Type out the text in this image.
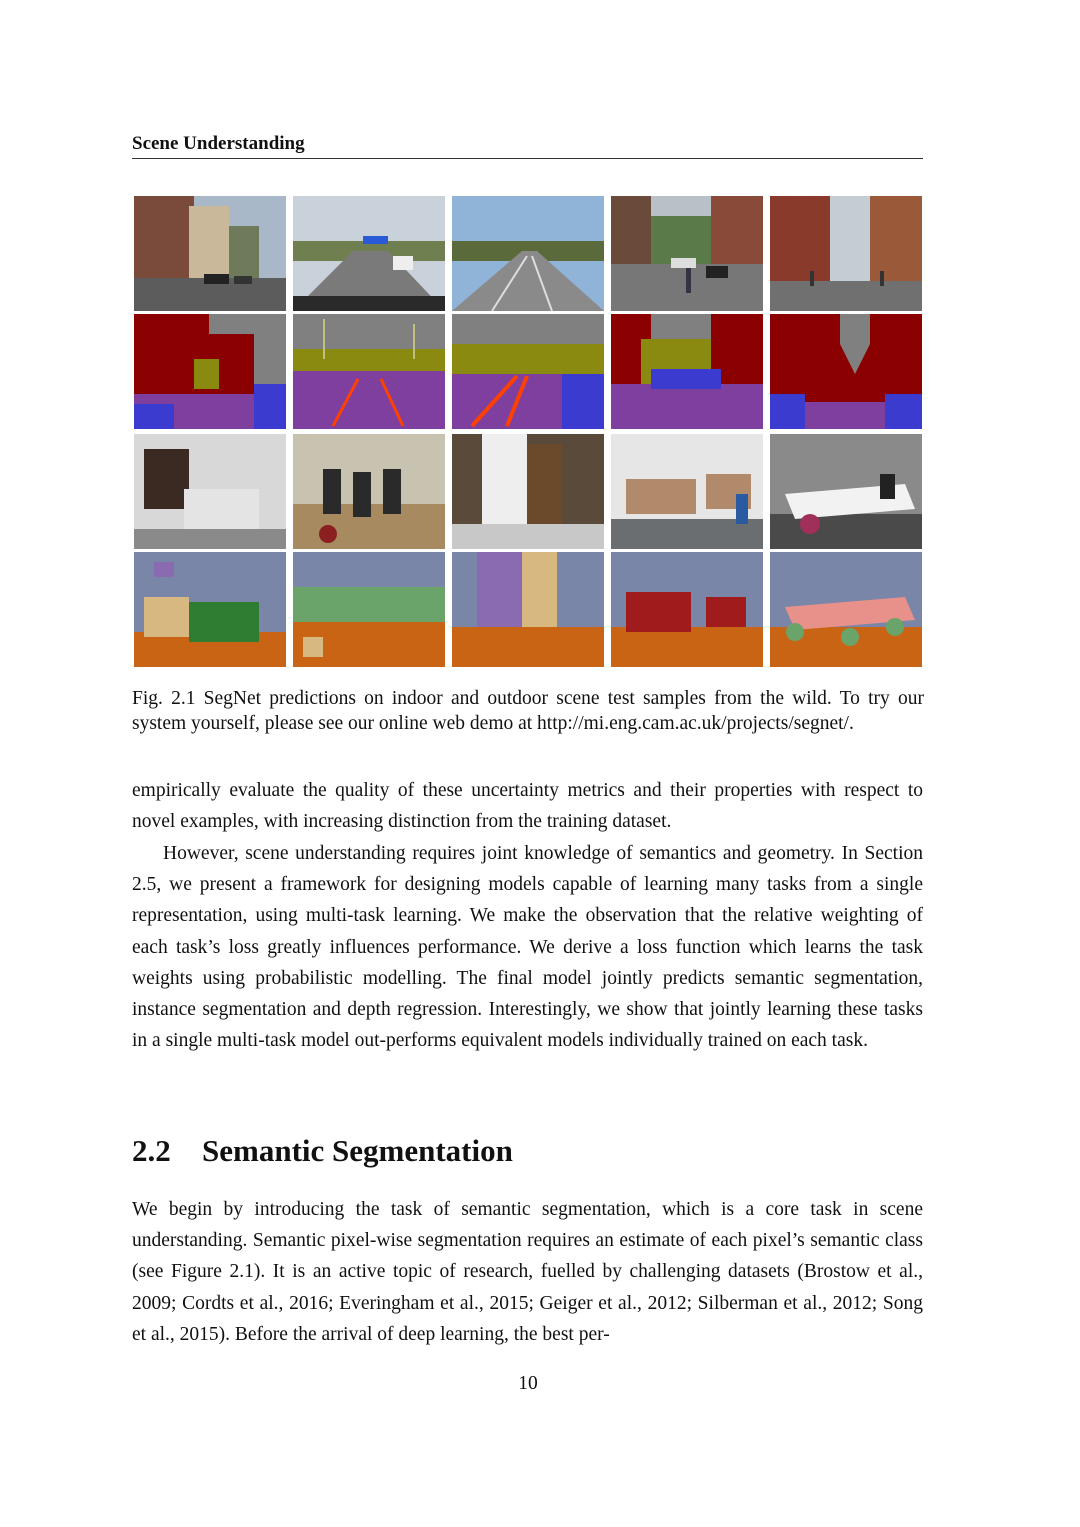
Scene Understanding
Fig. 2.1 SegNet predictions on indoor and outdoor scene test samples from the wild. To try our system yourself, please see our online web demo at http://mi.eng.cam.ac.uk/projects/segnet/.

empirically evaluate the quality of these uncertainty metrics and their properties with respect to novel examples, with increasing distinction from the training dataset.

However, scene understanding requires joint knowledge of semantics and geometry. In Section 2.5, we present a framework for designing models capable of learning many tasks from a single representation, using multi-task learning. We make the observation that the relative weighting of each task’s loss greatly influences performance. We derive a loss function which learns the task weights using probabilistic modelling. The final model jointly predicts semantic segmentation, instance segmentation and depth regression. Interestingly, we show that jointly learning these tasks in a single multi-task model out-performs equivalent models individually trained on each task.

2.2 Semantic Segmentation

We begin by introducing the task of semantic segmentation, which is a core task in scene understanding. Semantic pixel-wise segmentation requires an estimate of each pixel’s semantic class (see Figure 2.1). It is an active topic of research, fuelled by challenging datasets (Brostow et al., 2009; Cordts et al., 2016; Everingham et al., 2015; Geiger et al., 2012; Silberman et al., 2012; Song et al., 2015). Before the arrival of deep learning, the best per-

10
